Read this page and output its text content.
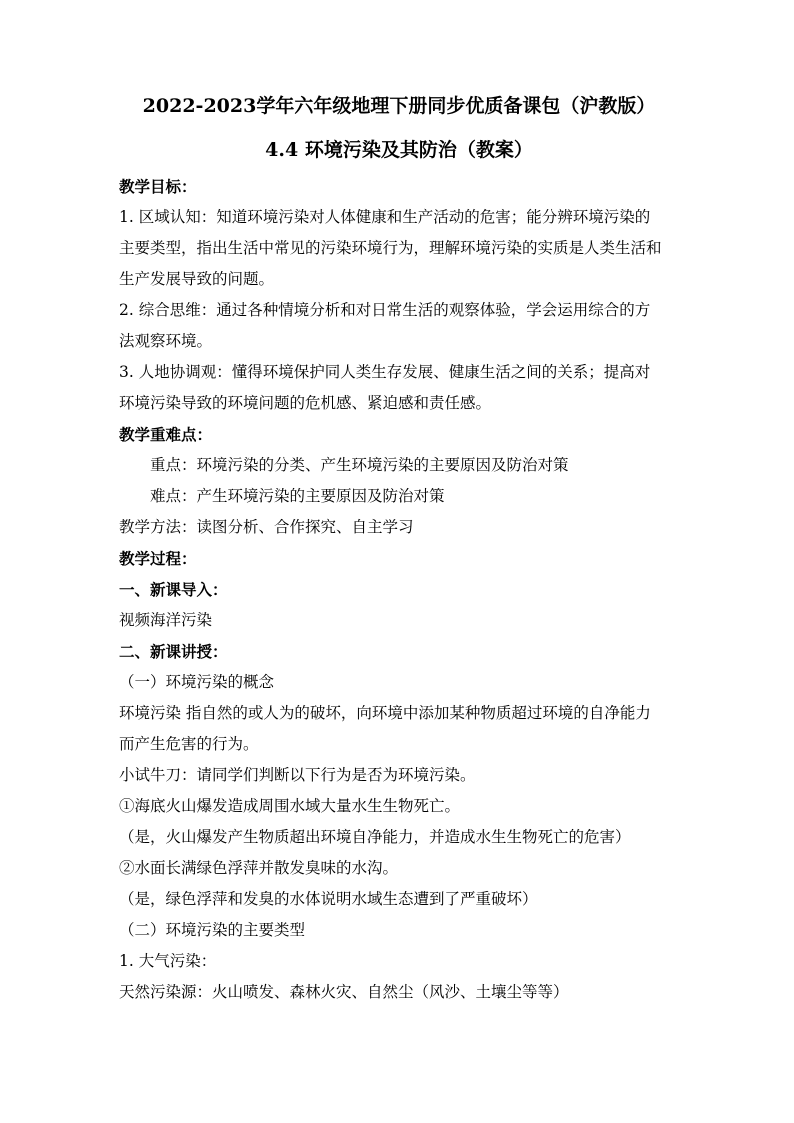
2022-2023学年六年级地理下册同步优质备课包（沪教版）
4.4 环境污染及其防治（教案）

教学目标：

1. 区域认知：知道环境污染对人体健康和生产活动的危害；能分辨环境污染的

主要类型，指出生活中常见的污染环境行为，理解环境污染的实质是人类生活和

生产发展导致的问题。

2. 综合思维：通过各种情境分析和对日常生活的观察体验，学会运用综合的方

法观察环境。

3. 人地协调观：懂得环境保护同人类生存发展、健康生活之间的关系；提高对

环境污染导致的环境问题的危机感、紧迫感和责任感。

教学重难点：

重点：环境污染的分类、产生环境污染的主要原因及防治对策

难点：产生环境污染的主要原因及防治对策

教学方法：读图分析、合作探究、自主学习

教学过程：

一、新课导入：

视频海洋污染

二、新课讲授：

（一）环境污染的概念

环境污染 指自然的或人为的破坏，向环境中添加某种物质超过环境的自净能力

而产生危害的行为。

小试牛刀：请同学们判断以下行为是否为环境污染。

①海底火山爆发造成周围水域大量水生生物死亡。

（是，火山爆发产生物质超出环境自净能力，并造成水生生物死亡的危害）

②水面长满绿色浮萍并散发臭味的水沟。

（是，绿色浮萍和发臭的水体说明水域生态遭到了严重破坏）

（二）环境污染的主要类型

1. 大气污染：

天然污染源：火山喷发、森林火灾、自然尘（风沙、土壤尘等等）
